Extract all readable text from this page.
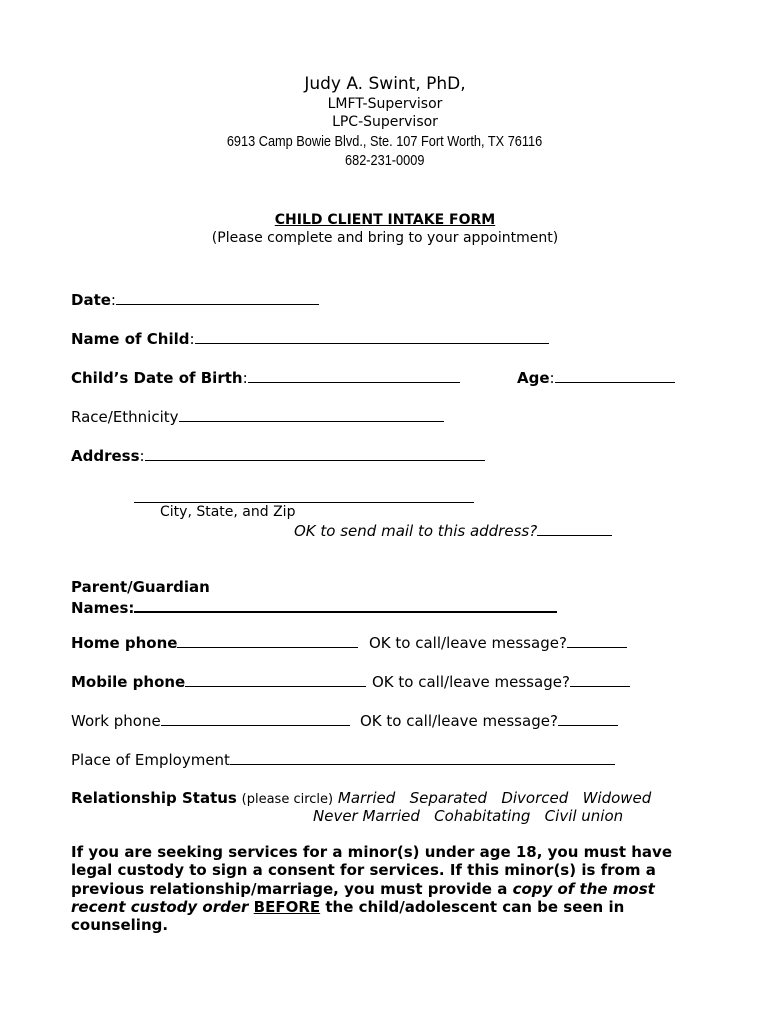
Judy A. Swint, PhD,
LMFT-Supervisor
LPC-Supervisor
6913 Camp Bowie Blvd., Ste. 107 Fort Worth, TX 76116
682-231-0009
CHILD CLIENT INTAKE FORM
(Please complete and bring to your appointment)
Date:
Name of Child:
Child’s Date of Birth:	Age:
Race/Ethnicity
Address:
City, State, and Zip
OK to send mail to this address?
Parent/Guardian
Names:
Home phone	OK to call/leave message?
Mobile phone	OK to call/leave message?
Work phone	OK to call/leave message?
Place of Employment
Relationship Status (please circle) Married   Separated   Divorced   Widowed
Never Married   Cohabitating   Civil union
If you are seeking services for a minor(s) under age 18, you must have legal custody to sign a consent for services. If this minor(s) is from a previous relationship/marriage, you must provide a copy of the most recent custody order BEFORE the child/adolescent can be seen in counseling.
